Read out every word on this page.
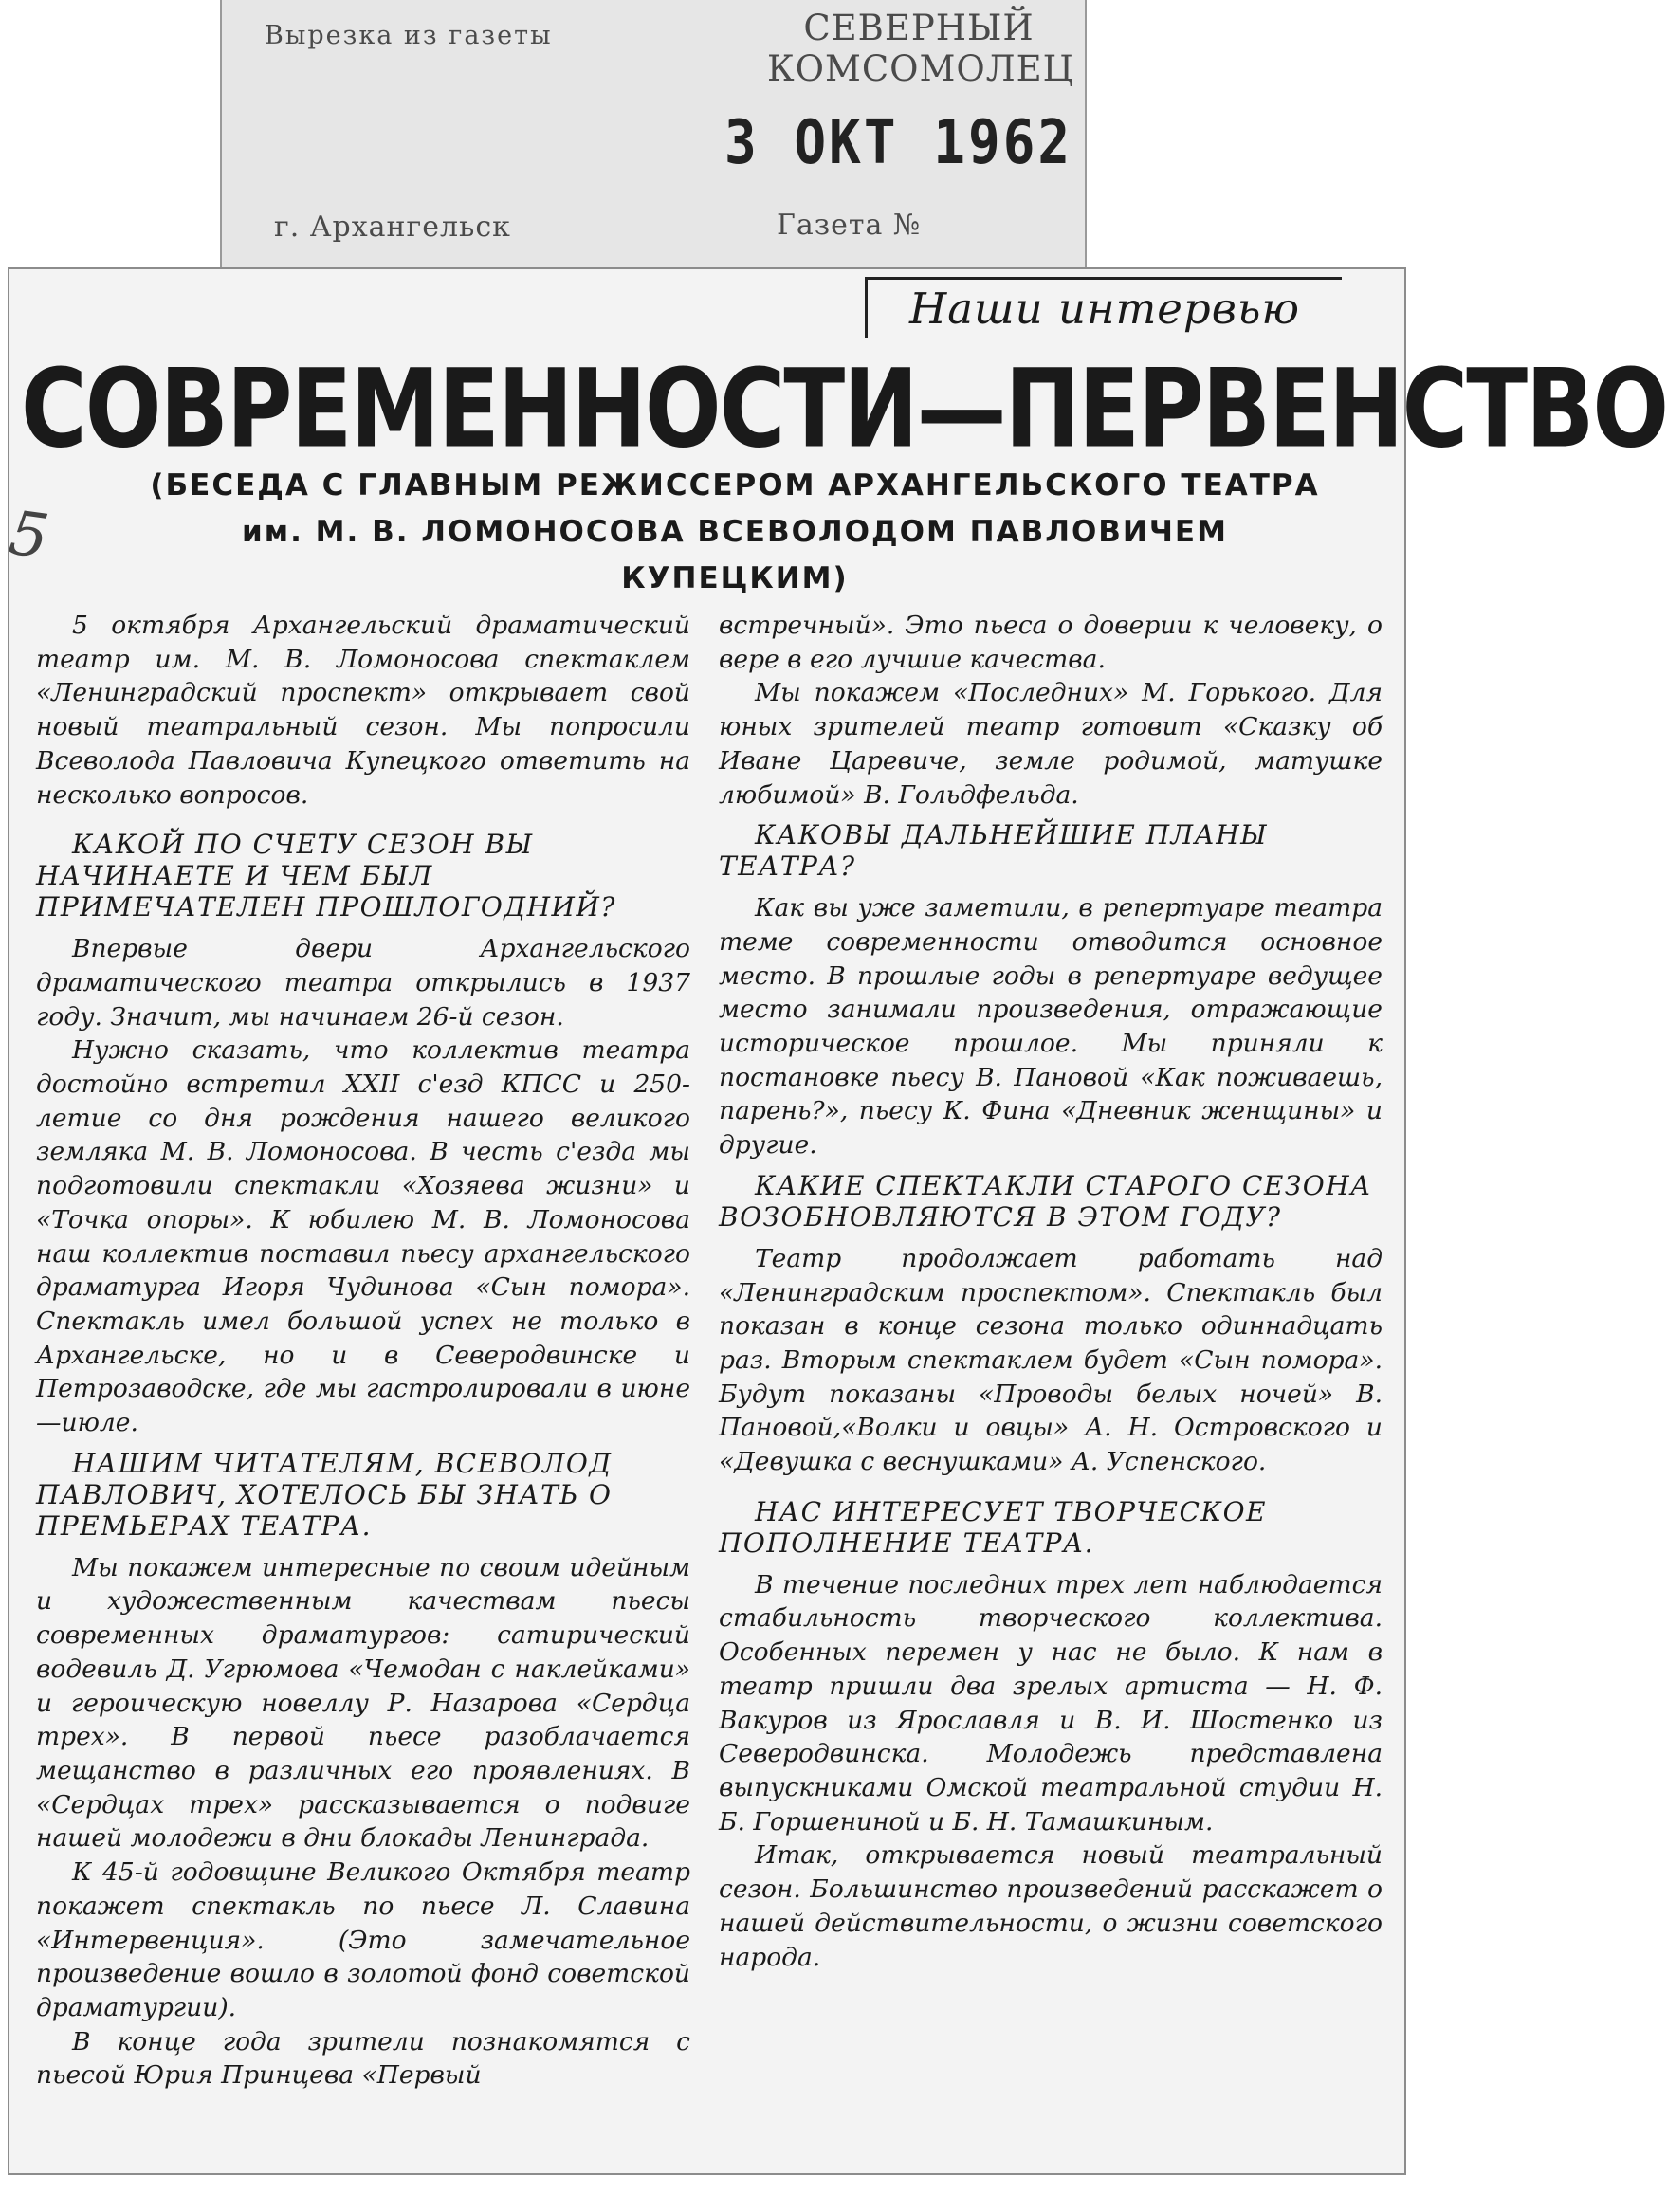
Вырезка из газеты	СЕВЕРНЫЙ КОМСОМОЛЕЦ
3 ОКТ 1962
г. Архангельск	Газета №
Наши интервью
СОВРЕМЕННОСТИ—ПЕРВЕНСТВО
5
(БЕСЕДА С ГЛАВНЫМ РЕЖИССЕРОМ АРХАНГЕЛЬСКОГО ТЕАТРА
им. М. В. ЛОМОНОСОВА ВСЕВОЛОДОМ ПАВЛОВИЧЕМ
КУПЕЦКИМ)

5 октября Архангельский драматический театр им. М. В. Ломоносова спектаклем «Ленинградский проспект» открывает свой новый театральный сезон. Мы попросили Всеволода Павловича Купецкого ответить на несколько вопросов.

КАКОЙ ПО СЧЕТУ СЕЗОН ВЫ НАЧИНАЕТЕ И ЧЕМ БЫЛ ПРИМЕЧАТЕЛЕН ПРОШЛОГОДНИЙ?

Впервые двери Архангельского драматического театра открылись в 1937 году. Значит, мы начинаем 26-й сезон.

Нужно сказать, что коллектив театра достойно встретил XXII с'езд КПСС и 250-летие со дня рождения нашего великого земляка М. В. Ломоносова. В честь с'езда мы подготовили спектакли «Хозяева жизни» и «Точка опоры». К юбилею М. В. Ломоносова наш коллектив поставил пьесу архангельского драматурга Игоря Чудинова «Сын помора». Спектакль имел большой успех не только в Архангельске, но и в Северодвинске и Петрозаводске, где мы гастролировали в июне—июле.

НАШИМ ЧИТАТЕЛЯМ, ВСЕВОЛОД ПАВЛОВИЧ, ХОТЕЛОСЬ БЫ ЗНАТЬ О ПРЕМЬЕРАХ ТЕАТРА.

Мы покажем интересные по своим идейным и художественным качествам пьесы современных драматургов: сатирический водевиль Д. Угрюмова «Чемодан с наклейками» и героическую новеллу Р. Назарова «Сердца трех». В первой пьесе разоблачается мещанство в различных его проявлениях. В «Сердцах трех» рассказывается о подвиге нашей молодежи в дни блокады Ленинграда.

К 45-й годовщине Великого Октября театр покажет спектакль по пьесе Л. Славина «Интервенция». (Это замечательное произведение вошло в золотой фонд советской драматургии).

В конце года зрители познакомятся с пьесой Юрия Принцева «Первый

встречный». Это пьеса о доверии к человеку, о вере в его лучшие качества.

Мы покажем «Последних» М. Горького. Для юных зрителей театр готовит «Сказку об Иване Царевиче, земле родимой, матушке любимой» В. Гольдфельда.

КАКОВЫ ДАЛЬНЕЙШИЕ ПЛАНЫ ТЕАТРА?

Как вы уже заметили, в репертуаре театра теме современности отводится основное место. В прошлые годы в репертуаре ведущее место занимали произведения, отражающие историческое прошлое. Мы приняли к постановке пьесу В. Пановой «Как поживаешь, парень?», пьесу К. Фина «Дневник женщины» и другие.

КАКИЕ СПЕКТАКЛИ СТАРОГО СЕЗОНА ВОЗОБНОВЛЯЮТСЯ В ЭТОМ ГОДУ?

Театр продолжает работать над «Ленинградским проспектом». Спектакль был показан в конце сезона только одиннадцать раз. Вторым спектаклем будет «Сын помора». Будут показаны «Проводы белых ночей» В. Пановой,«Волки и овцы» А. Н. Островского и «Девушка с веснушками» А. Успенского.

НАС ИНТЕРЕСУЕТ ТВОРЧЕСКОЕ ПОПОЛНЕНИЕ ТЕАТРА.

В течение последних трех лет наблюдается стабильность творческого коллектива. Особенных перемен у нас не было. К нам в театр пришли два зрелых артиста — Н. Ф. Вакуров из Ярославля и В. И. Шостенко из Северодвинска. Молодежь представлена выпускниками Омской театральной студии Н. Б. Горшениной и Б. Н. Тамашкиным.

Итак, открывается новый театральный сезон. Большинство произведений расскажет о нашей действительности, о жизни советского народа.
